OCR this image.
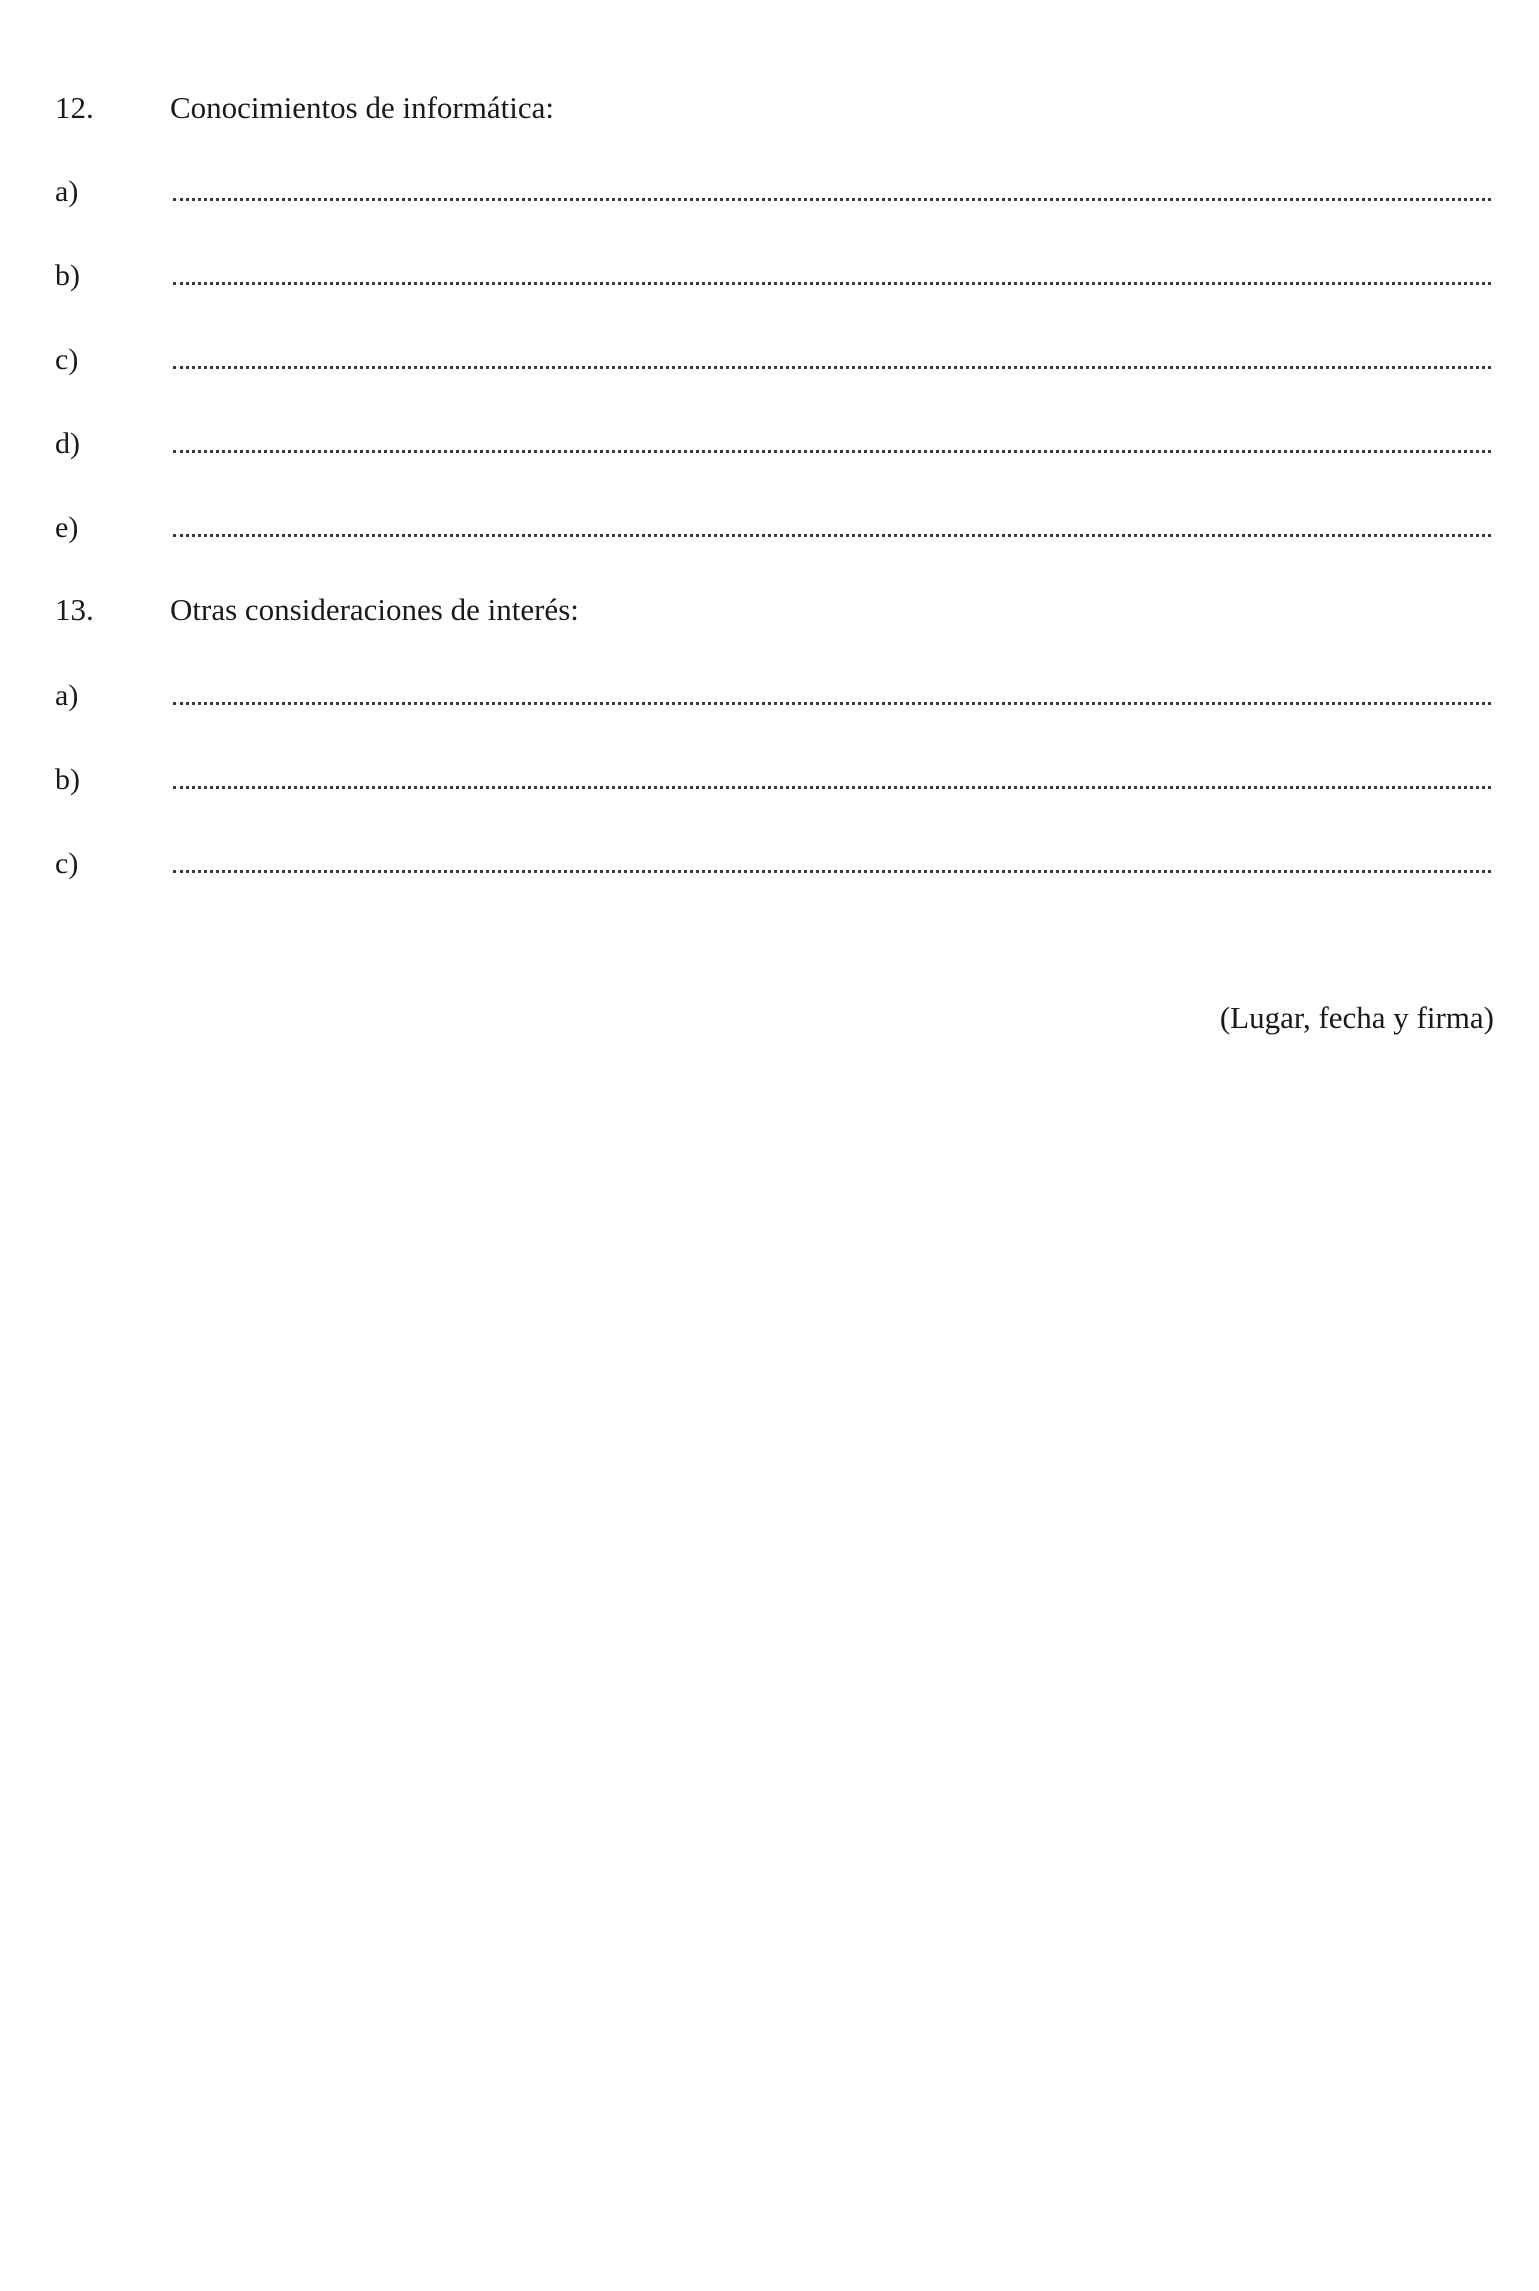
12. Conocimientos de informática:
a)
b)
c)
d)
e)
13. Otras consideraciones de interés:
a)
b)
c)
(Lugar, fecha y firma)
